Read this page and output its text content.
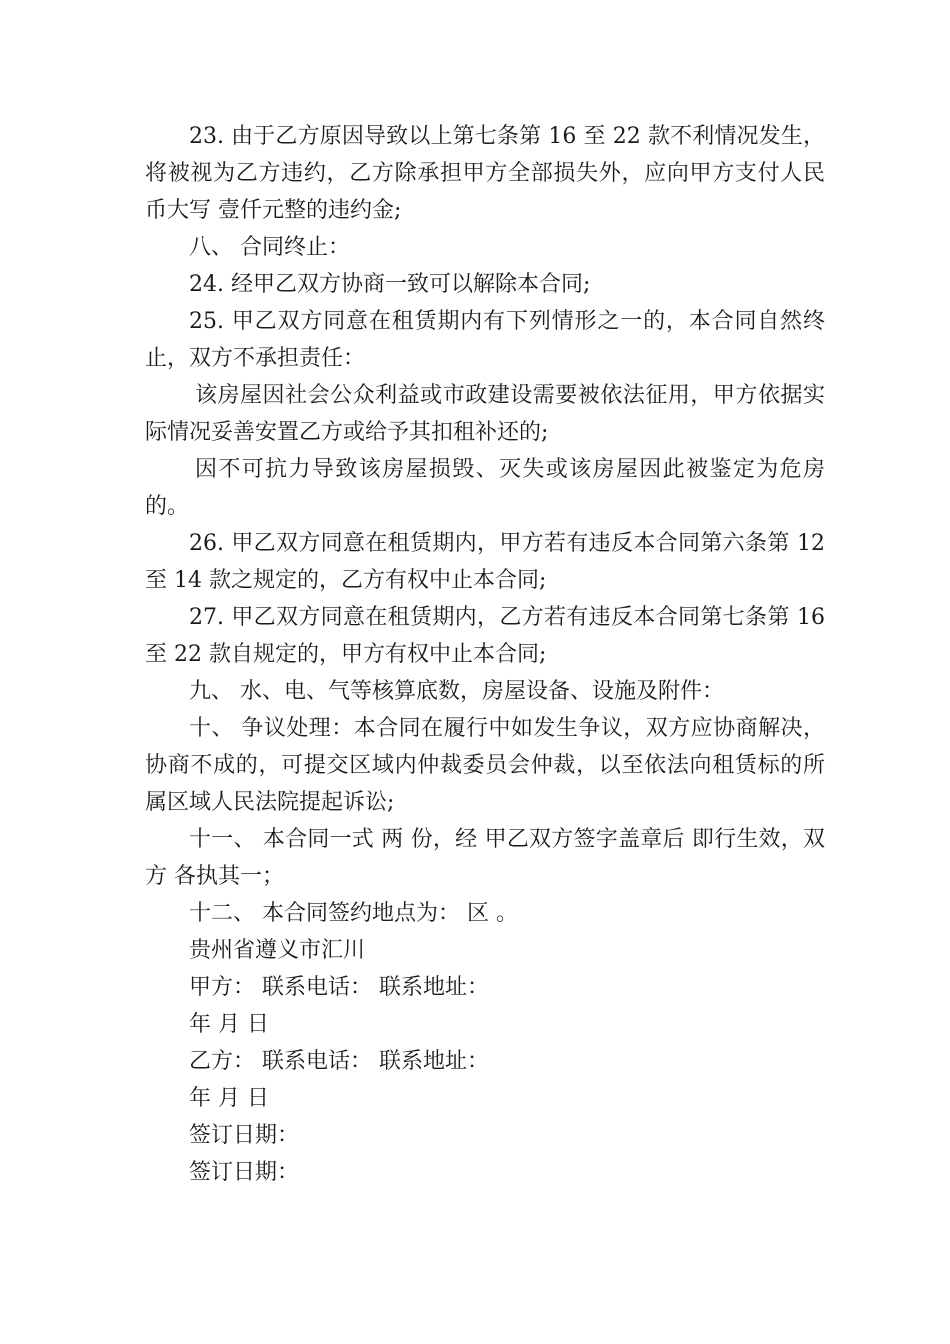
23. 由于乙方原因导致以上第七条第 16 至 22 款不利情况发生，将被视为乙方违约，乙方除承担甲方全部损失外，应向甲方支付人民币大写 壹仟元整的违约金;

八、 合同终止：

24. 经甲乙双方协商一致可以解除本合同;

25. 甲乙双方同意在租赁期内有下列情形之一的，本合同自然终止，双方不承担责任：

该房屋因社会公众利益或市政建设需要被依法征用，甲方依据实际情况妥善安置乙方或给予其扣租补还的;

因不可抗力导致该房屋损毁、灭失或该房屋因此被鉴定为危房的。

26. 甲乙双方同意在租赁期内，甲方若有违反本合同第六条第 12 至 14 款之规定的，乙方有权中止本合同;

27. 甲乙双方同意在租赁期内，乙方若有违反本合同第七条第 16 至 22 款自规定的，甲方有权中止本合同;

九、 水、电、气等核算底数，房屋设备、设施及附件：

十、 争议处理：本合同在履行中如发生争议，双方应协商解决，协商不成的，可提交区域内仲裁委员会仲裁，以至依法向租赁标的所属区域人民法院提起诉讼;

十一、 本合同一式 两 份，经 甲乙双方签字盖章后 即行生效，双方 各执其一；

十二、 本合同签约地点为： 区 。

贵州省遵义市汇川

甲方： 联系电话： 联系地址：

年 月 日

乙方： 联系电话： 联系地址：

年 月 日

签订日期：

签订日期：
